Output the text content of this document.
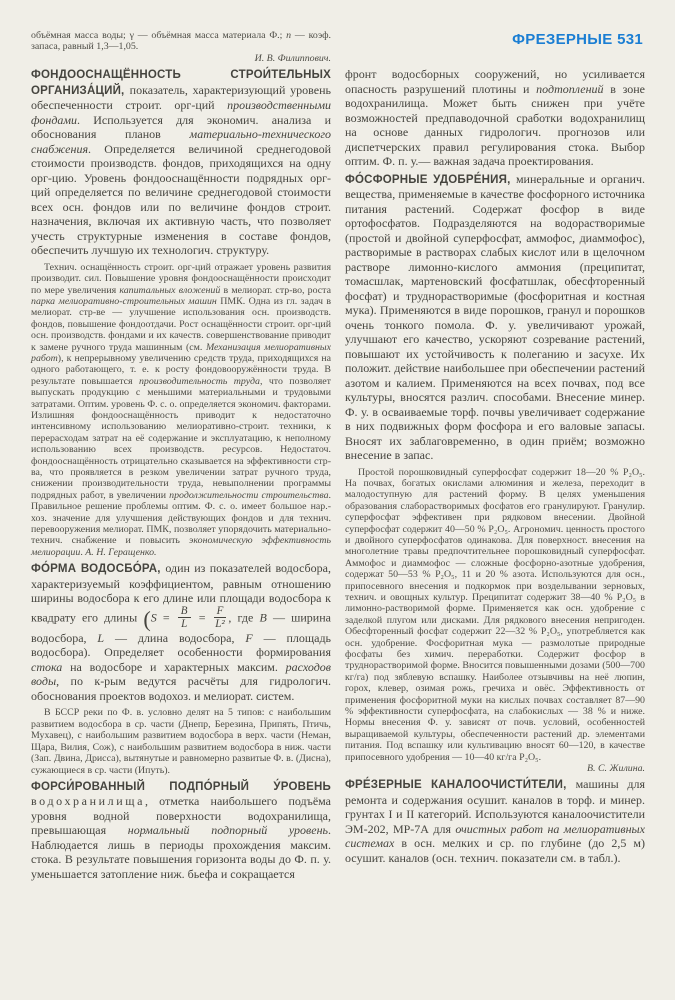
объёмная масса воды; γ — объёмная масса материала Ф.; n — коэф. запаса, равный 1,3—1,05.

И. В. Филиппович.

ФОНДООСНАЩЁННОСТЬ СТРОИ́ТЕЛЬНЫХ ОРГАНИЗА́ЦИЙ, показатель, характеризующий уровень обеспеченности строит. орг-ций производственными фондами. Используется для экономич. анализа и обоснования планов материально-технического снабжения. Определяется величиной среднегодовой стоимости производств. фондов, приходящихся на одну орг-цию. Уровень фондооснащённости подрядных орг-ций определяется по величине среднегодовой стоимости всех осн. фондов или по величине фондов строит. назначения, включая их активную часть, что позволяет учесть структурные изменения в составе фондов, обеспечить лучшую их технологич. структуру.

Технич. оснащённость строит. орг-ций отражает уровень развития производит. сил. Повышение уровня фондооснащённости происходит по мере увеличения капитальных вложений в мелиорат. стр-во, роста парка мелиоративно-строительных машин ПМК. Одна из гл. задач в мелиорат. стр-ве — улучшение использования осн. производств. фондов, повышение фондоотдачи. Рост оснащённости строит. орг-ций осн. производств. фондами и их качеств. совершенствование приводит к замене ручного труда машинным (см. Механизация мелиоративных работ), к непрерывному увеличению средств труда, приходящихся на одного работающего, т. е. к росту фондовооружённости труда. В результате повышается производительность труда, что позволяет выпускать продукцию с меньшими материальными и трудовыми затратами. Оптим. уровень Ф. с. о. определяется экономич. факторами. Излишняя фондооснащённость приводит к недостаточно интенсивному использованию мелиоративно-строит. техники, к перерасходам затрат на её содержание и эксплуатацию, к неполному использованию всех производств. ресурсов. Недостаточ. фондооснащённость отрицательно сказывается на эффективности стр-ва, что проявляется в резком увеличении затрат ручного труда, снижении производительности труда, невыполнении программы подрядных работ, в увеличении продолжительности строительства. Правильное решение проблемы оптим. Ф. с. о. имеет большое нар.-хоз. значение для улучшения действующих фондов и для технич. перевооружения мелиорат. ПМК, позволяет упорядочить материально-технич. снабжение и повысить экономическую эффективность мелиорации. А. Н. Геращенко.

ФО́РМА ВОДОСБО́РА, один из показателей водосбора, характеризуемый коэффициентом, равным отношению ширины водосбора к его длине или площади водосбора к квадрату его длины ($S = \frac{B}{L} = \frac{F}{\text{L²}}$ , где B — ширина водосбора, L — длина водосбора, F — площадь водосбора). Определяет особенности формирования стока на водосборе и характерных максим. расходов воды, по к-рым ведутся расчёты для гидрологич. обоснования проектов водохоз. и мелиорат. систем.

В БССР реки по Ф. в. условно делят на 5 типов: с наибольшим развитием водосбора в ср. части (Днепр, Березина, Припять, Птичь, Мухавец), с наибольшим развитием водосбора в верх. части (Неман, Щара, Вилия, Сож), с наибольшим развитием водосбора в ниж. части (Зап. Двина, Дрисса), вытянутые и равномерно развитые Ф. в. (Дисна), сужающиеся в ср. части (Ипуть).

ФОРСИ́РОВАННЫЙ ПОДПО́РНЫЙ У́РОВЕНЬ водохранилища, отметка наибольшего подъёма уровня водной поверхности водохранилища, превышающая нормальный подпорный уровень. Наблюдается лишь в периоды прохождения максим. стока. В результате повышения горизонта воды до Ф. п. у. уменьшается затопление ниж. бьефа и сокращается

ФРЕЗЕРНЫЕ 531

фронт водосборных сооружений, но усиливается опасность разрушений плотины и подтоплений в зоне водохранилища. Может быть снижен при учёте возможностей предпаводочной сработки водохранилищ на основе данных гидрологич. прогнозов или диспетчерских правил регулирования стока. Выбор оптим. Ф. п. у.— важная задача проектирования.

ФО́СФОРНЫЕ УДОБРЕ́НИЯ, минеральные и органич. вещества, применяемые в качестве фосфорного источника питания растений. Содержат фосфор в виде ортофосфатов. Подразделяются на водорастворимые (простой и двойной суперфосфат, аммофос, диаммофос), растворимые в растворах слабых кислот или в щелочном растворе лимонно-кислого аммония (преципитат, томасшлак, мартеновский фосфатшлак, обесфторенный фосфат) и труднорастворимые (фосфоритная и костная мука). Применяются в виде порошков, гранул и порошков очень тонкого помола. Ф. у. увеличивают урожай, улучшают его качество, ускоряют созревание растений, повышают их устойчивость к полеганию и засухе. Их положит. действие наибольшее при обеспечении растений азотом и калием. Применяются на всех почвах, под все культуры, вносятся различ. способами. Внесение минер. Ф. у. в осваиваемые торф. почвы увеличивает содержание в них подвижных форм фосфора и его валовые запасы. Вносят их заблаговременно, в один приём; возможно внесение в запас.

Простой порошковидный суперфосфат содержит 18—20 % P₂O₅. На почвах, богатых окислами алюминия и железа, переходит в малодоступную для растений форму. В целях уменьшения образования слаборастворимых фосфатов его гранулируют. Гранулир. суперфосфат эффективен при рядковом внесении. Двойной суперфосфат содержит 40—50 % P₂O₅. Агрономич. ценность простого и двойного суперфосфатов одинакова. Для поверхност. внесения на многолетние травы предпочтительнее порошковидный суперфосфат. Аммофос и диаммофос — сложные фосфорно-азотные удобрения, содержат 50—53 % P₂O₅, 11 и 20 % азота. Используются для осн., припосевного внесения и подкормок при возделывании зерновых, технич. и овощных культур. Преципитат содержит 38—40 % P₂O₅ в лимонно-растворимой форме. Применяется как осн. удобрение с заделкой плугом или дисками. Для рядкового внесения непригоден. Обесфторенный фосфат содержит 22—32 % P₂O₅, употребляется как осн. удобрение. Фосфоритная мука — размолотые природные фосфаты без химич. переработки. Содержит фосфор в труднорастворимой форме. Вносится повышенными дозами (500—700 кг/га) под зяблевую вспашку. Наиболее отзывчивы на неё люпин, горох, клевер, озимая рожь, гречиха и овёс. Эффективность от применения фосфоритной муки на кислых почвах составляет 87—90 % эффективности суперфосфата, на слабокислых — 38 % и ниже. Нормы внесения Ф. у. зависят от почв. условий, особенностей выращиваемой культуры, обеспеченности растений др. элементами питания. Под вспашку или культивацию вносят 60—120, в качестве припосевного удобрения — 10—40 кг/га P₂O₅.

В. С. Жилина.

ФРЕ́ЗЕРНЫЕ КАНАЛООЧИСТИ́ТЕЛИ, машины для ремонта и содержания осушит. каналов в торф. и минер. грунтах I и II категорий. Используются каналоочистители ЭМ-202, МР-7А для очистных работ на мелиоративных системах в осн. мелких и ср. по глубине (до 2,5 м) осушит. каналов (осн. технич. показатели см. в табл.).
